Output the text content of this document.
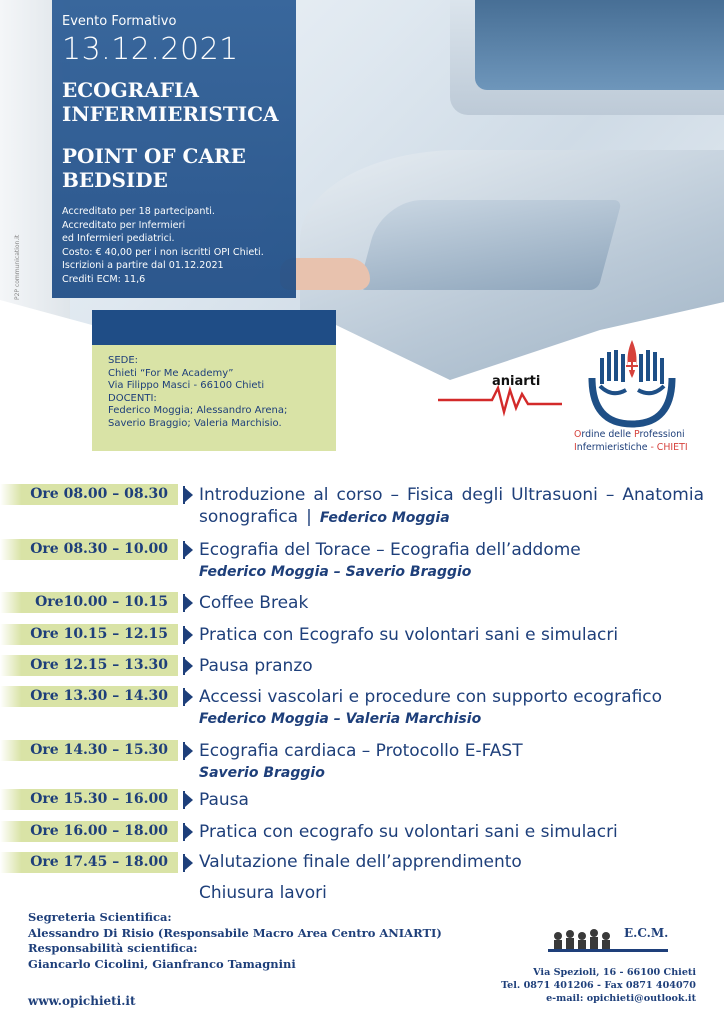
Evento Formativo
13.12.2021
ECOGRAFIA
INFERMIERISTICA
POINT OF CARE
BEDSIDE
Accreditato per 18 partecipanti.
Accreditato per Infermieri
ed Infermieri pediatrici.
Costo: € 40,00 per i non iscritti OPI Chieti.
Iscrizioni a partire dal 01.12.2021
Crediti ECM: 11,6
P2P communication.it
SEDE:
Chieti “For Me Academy”
Via Filippo Masci - 66100 Chieti
DOCENTI:
Federico Moggia; Alessandro Arena;
Saverio Braggio; Valeria Marchisio.
aniarti
Ordine delle Professioni
Infermieristiche - CHIETI
Ore 08.00 – 08.30	Introduzione al corso – Fisica degli Ultrasuoni – Anatomia sonografica | Federico Moggia
Ore 08.30 – 10.00	Ecografia del Torace – Ecografia dell’addome
Federico Moggia – Saverio Braggio
Ore10.00 – 10.15	Coffee Break
Ore 10.15 – 12.15	Pratica con Ecografo su volontari sani e simulacri
Ore 12.15 – 13.30	Pausa pranzo
Ore 13.30 – 14.30	Accessi vascolari e procedure con supporto ecografico
Federico Moggia – Valeria Marchisio
Ore 14.30 – 15.30	Ecografia cardiaca – Protocollo E-FAST
Saverio Braggio
Ore 15.30 – 16.00	Pausa
Ore 16.00 – 18.00	Pratica con ecografo su volontari sani e simulacri
Ore 17.45 – 18.00	Valutazione finale dell’apprendimento
Chiusura lavori
Segreteria Scientifica:
Alessandro Di Risio (Responsabile Macro Area Centro ANIARTI)
Responsabilità scientifica:
Giancarlo Cicolini, Gianfranco Tamagnini
www.opichieti.it
E.C.M.
Via Spezioli, 16 - 66100 Chieti
Tel. 0871 401206 - Fax 0871 404070
e-mail: opichieti@outlook.it
